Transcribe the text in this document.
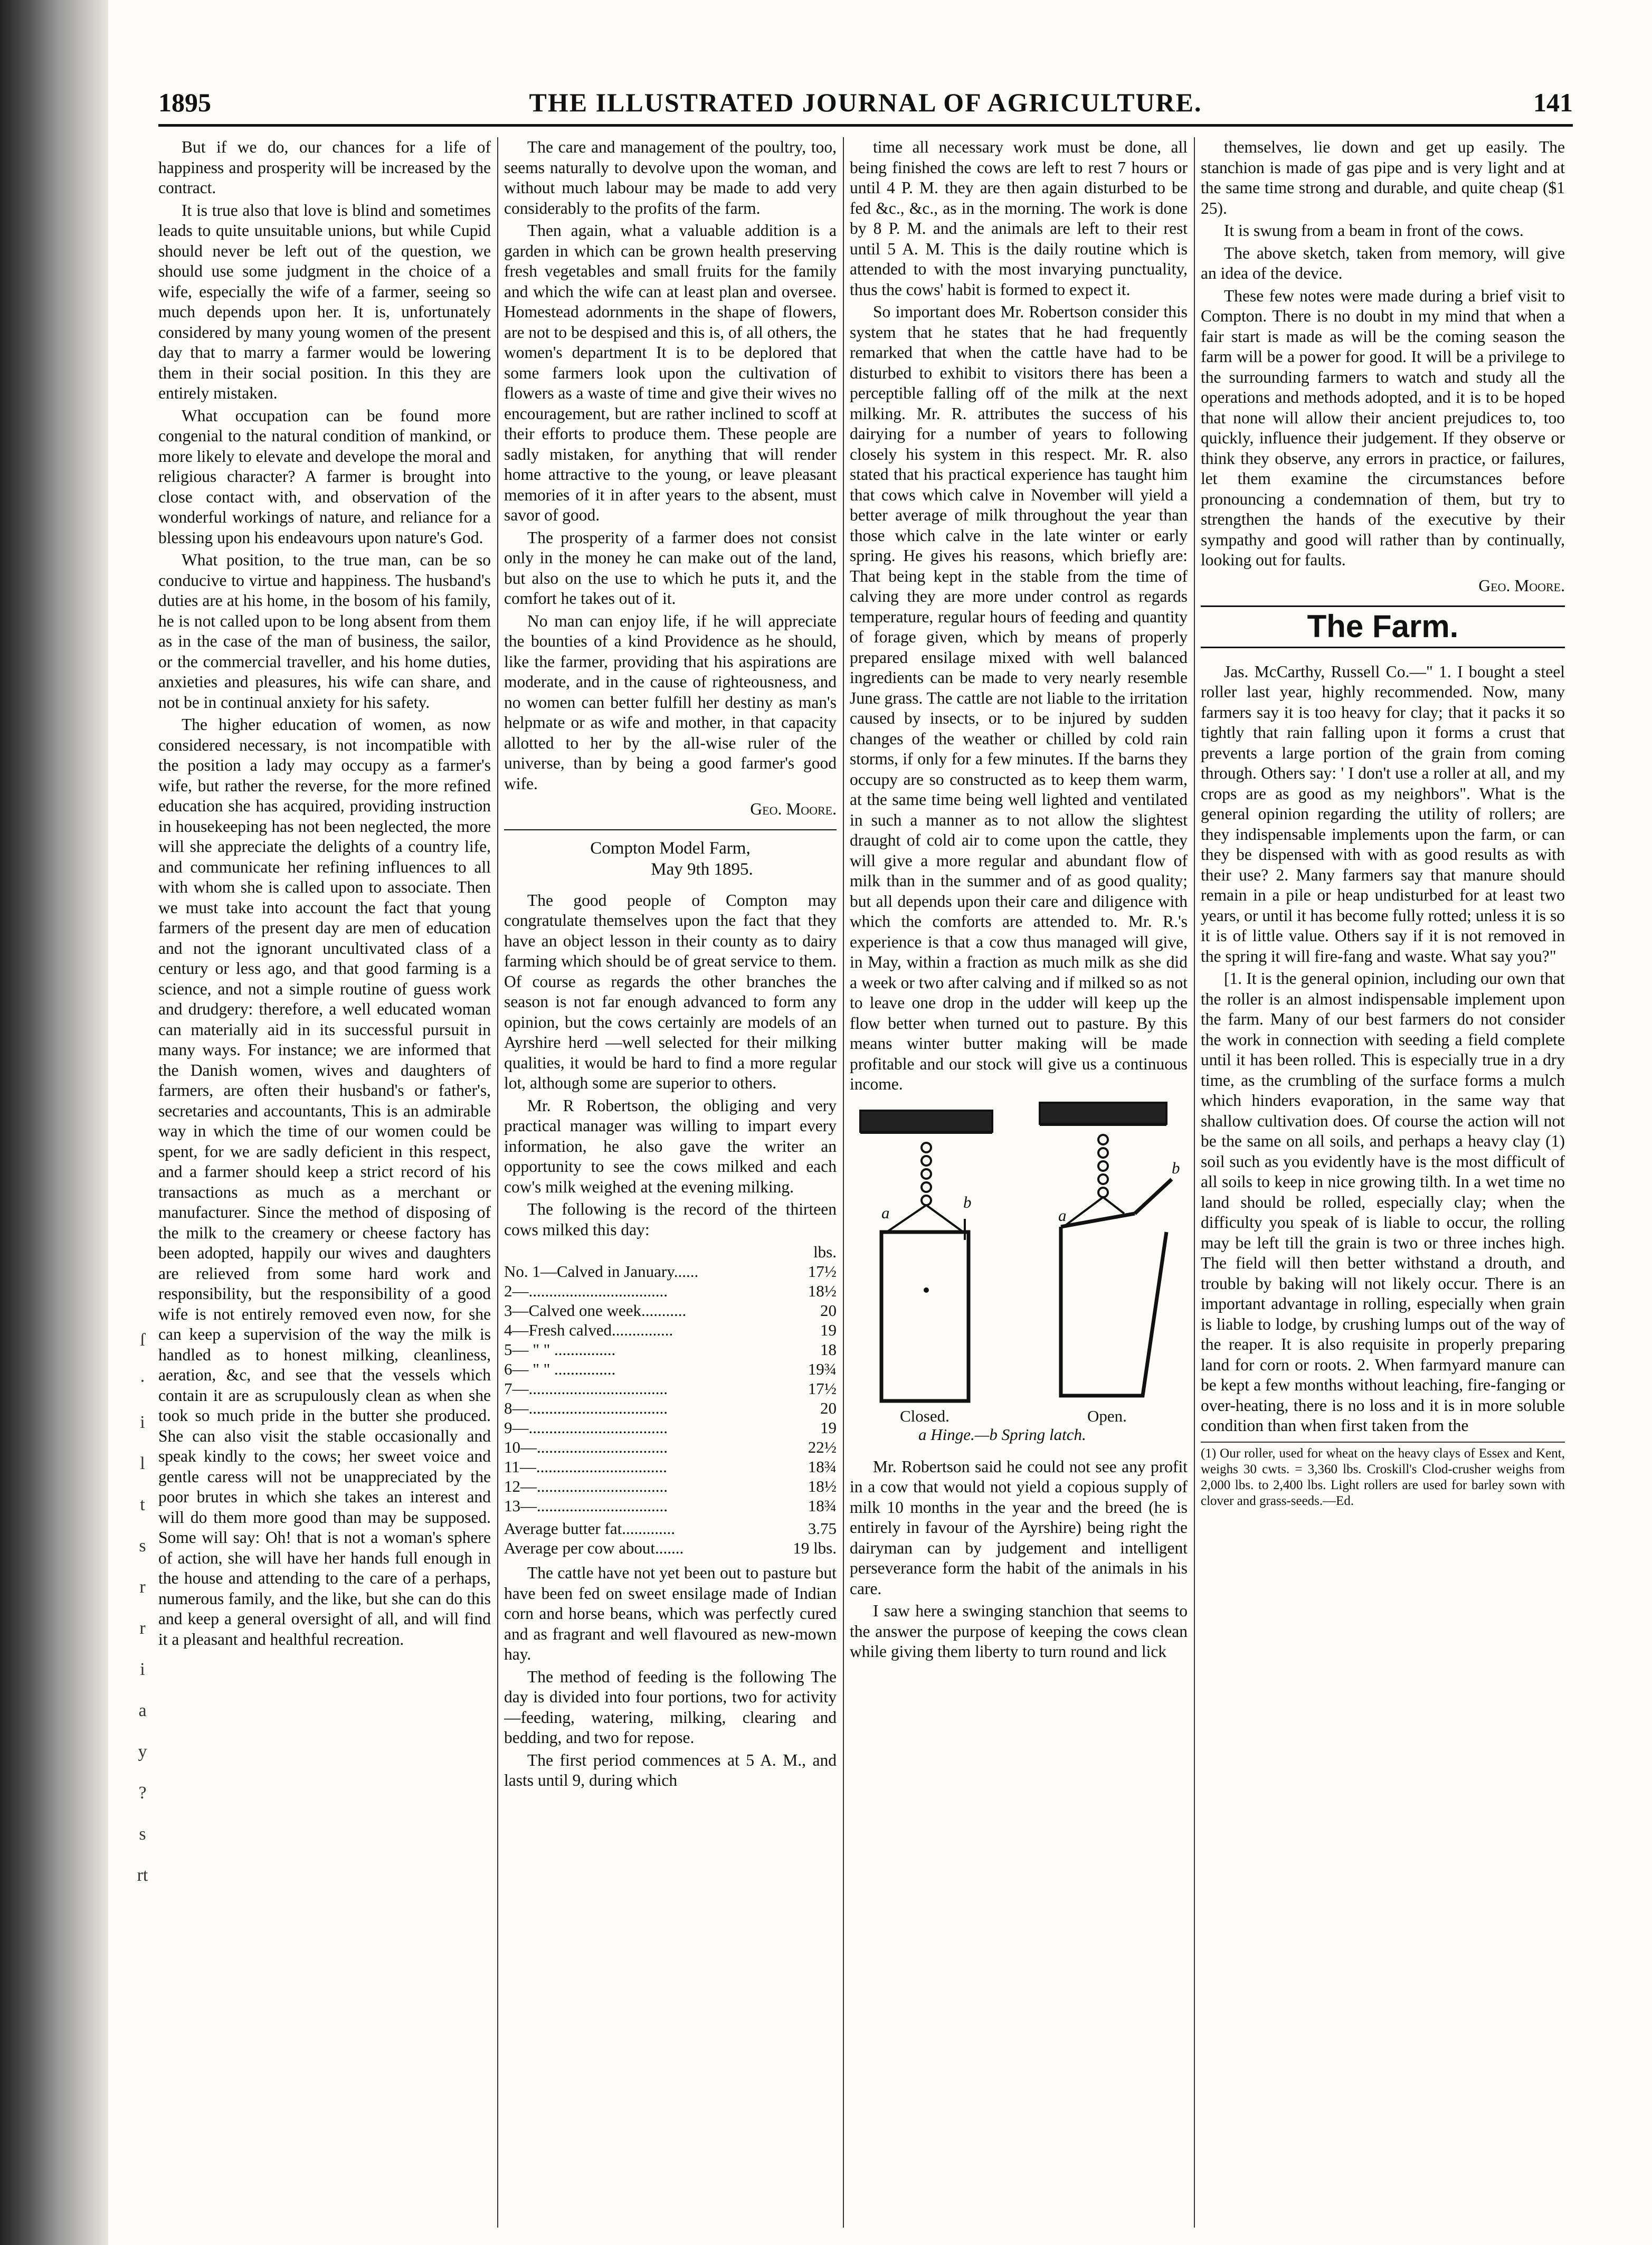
ſ
·
i
l
t
s
r
r
i
a
y
?
s
rt
1895	THE ILLUSTRATED JOURNAL OF AGRICULTURE.	141

But if we do, our chances for a life of happiness and prosperity will be increased by the contract.

It is true also that love is blind and sometimes leads to quite unsuitable unions, but while Cupid should never be left out of the question, we should use some judgment in the choice of a wife, especially the wife of a farmer, seeing so much depends upon her. It is, unfortunately considered by many young women of the present day that to marry a farmer would be lowering them in their social position. In this they are entirely mistaken.

What occupation can be found more congenial to the natural condition of mankind, or more likely to elevate and develope the moral and religious character? A farmer is brought into close contact with, and observation of the wonderful workings of nature, and reliance for a blessing upon his endeavours upon nature's God.

What position, to the true man, can be so conducive to virtue and happiness. The husband's duties are at his home, in the bosom of his family, he is not called upon to be long absent from them as in the case of the man of business, the sailor, or the commercial traveller, and his home duties, anxieties and pleasures, his wife can share, and not be in continual anxiety for his safety.

The higher education of women, as now considered necessary, is not incompatible with the position a lady may occupy as a farmer's wife, but rather the reverse, for the more refined education she has acquired, providing instruction in housekeeping has not been neglected, the more will she appreciate the delights of a country life, and communicate her refining influences to all with whom she is called upon to associate. Then we must take into account the fact that young farmers of the present day are men of education and not the ignorant uncultivated class of a century or less ago, and that good farming is a science, and not a simple routine of guess work and drudgery: therefore, a well educated woman can materially aid in its successful pursuit in many ways. For instance; we are informed that the Danish women, wives and daughters of farmers, are often their husband's or father's, secretaries and accountants, This is an admirable way in which the time of our women could be spent, for we are sadly deficient in this respect, and a farmer should keep a strict record of his transactions as much as a merchant or manufacturer. Since the method of disposing of the milk to the creamery or cheese factory has been adopted, happily our wives and daughters are relieved from some hard work and responsibility, but the responsibility of a good wife is not entirely removed even now, for she can keep a supervision of the way the milk is handled as to honest milking, cleanliness, aeration, &c, and see that the vessels which contain it are as scrupulously clean as when she took so much pride in the butter she produced. She can also visit the stable occasionally and speak kindly to the cows; her sweet voice and gentle caress will not be unappreciated by the poor brutes in which she takes an interest and will do them more good than may be supposed. Some will say: Oh! that is not a woman's sphere of action, she will have her hands full enough in the house and attending to the care of a perhaps, numerous family, and the like, but she can do this and keep a general oversight of all, and will find it a pleasant and healthful recreation.

The care and management of the poultry, too, seems naturally to devolve upon the woman, and without much labour may be made to add very considerably to the profits of the farm.

Then again, what a valuable addition is a garden in which can be grown health preserving fresh vegetables and small fruits for the family and which the wife can at least plan and oversee. Homestead adornments in the shape of flowers, are not to be despised and this is, of all others, the women's department It is to be deplored that some farmers look upon the cultivation of flowers as a waste of time and give their wives no encouragement, but are rather inclined to scoff at their efforts to produce them. These people are sadly mistaken, for anything that will render home attractive to the young, or leave pleasant memories of it in after years to the absent, must savor of good.

The prosperity of a farmer does not consist only in the money he can make out of the land, but also on the use to which he puts it, and the comfort he takes out of it.

No man can enjoy life, if he will appreciate the bounties of a kind Providence as he should, like the farmer, providing that his aspirations are moderate, and in the cause of righteousness, and no women can better fulfill her destiny as man's helpmate or as wife and mother, in that capacity allotted to her by the all-wise ruler of the universe, than by being a good farmer's good wife.

Geo. Moore.
Compton Model Farm,
May 9th 1895.

The good people of Compton may congratulate themselves upon the fact that they have an object lesson in their county as to dairy farming which should be of great service to them. Of course as regards the other branches the season is not far enough advanced to form any opinion, but the cows certainly are models of an Ayrshire herd —well selected for their milking qualities, it would be hard to find a more regular lot, although some are superior to others.

Mr. R Robertson, the obliging and very practical manager was willing to impart every information, he also gave the writer an opportunity to see the cows milked and each cow's milk weighed at the evening milking.

The following is the record of the thirteen cows milked this day:

	lbs.
No. 1—Calved in January......	17½
2—..................................	18½
3—Calved one week...........	20
4—Fresh calved...............	19
5— " " ...............	18
6— " " ...............	19¾
7—..................................	17½
8—..................................	20
9—..................................	19
10—................................	22½
11—................................	18¾
12—................................	18½
13—................................	18¾
Average butter fat.............	3.75
Average per cow about.......	19 lbs.

The cattle have not yet been out to pasture but have been fed on sweet ensilage made of Indian corn and horse beans, which was perfectly cured and as fragrant and well flavoured as new-mown hay.

The method of feeding is the following The day is divided into four portions, two for activity—feeding, watering, milking, clearing and bedding, and two for repose.

The first period commences at 5 A. M., and lasts until 9, during which

time all necessary work must be done, all being finished the cows are left to rest 7 hours or until 4 P. M. they are then again disturbed to be fed &c., &c., as in the morning. The work is done by 8 P. M. and the animals are left to their rest until 5 A. M. This is the daily routine which is attended to with the most invarying punctuality, thus the cows' habit is formed to expect it.

So important does Mr. Robertson consider this system that he states that he had frequently remarked that when the cattle have had to be disturbed to exhibit to visitors there has been a perceptible falling off of the milk at the next milking. Mr. R. attributes the success of his dairying for a number of years to following closely his system in this respect. Mr. R. also stated that his practical experience has taught him that cows which calve in November will yield a better average of milk throughout the year than those which calve in the late winter or early spring. He gives his reasons, which briefly are: That being kept in the stable from the time of calving they are more under control as regards temperature, regular hours of feeding and quantity of forage given, which by means of properly prepared ensilage mixed with well balanced ingredients can be made to very nearly resemble June grass. The cattle are not liable to the irritation caused by insects, or to be injured by sudden changes of the weather or chilled by cold rain storms, if only for a few minutes. If the barns they occupy are so constructed as to keep them warm, at the same time being well lighted and ventilated in such a manner as to not allow the slightest draught of cold air to come upon the cattle, they will give a more regular and abundant flow of milk than in the summer and of as good quality; but all depends upon their care and diligence with which the comforts are attended to. Mr. R.'s experience is that a cow thus managed will give, in May, within a fraction as much milk as she did a week or two after calving and if milked so as not to leave one drop in the udder will keep up the flow better when turned out to pasture. By this means winter butter making will be made profitable and our stock will give us a continuous income.

a
b
a
b
Closed.	Open.
a Hinge.—b Spring latch.

Mr. Robertson said he could not see any profit in a cow that would not yield a copious supply of milk 10 months in the year and the breed (he is entirely in favour of the Ayrshire) being right the dairyman can by judgement and intelligent perseverance form the habit of the animals in his care.

I saw here a swinging stanchion that seems to the answer the purpose of keeping the cows clean while giving them liberty to turn round and lick

themselves, lie down and get up easily. The stanchion is made of gas pipe and is very light and at the same time strong and durable, and quite cheap ($1 25).

It is swung from a beam in front of the cows.

The above sketch, taken from memory, will give an idea of the device.

These few notes were made during a brief visit to Compton. There is no doubt in my mind that when a fair start is made as will be the coming season the farm will be a power for good. It will be a privilege to the surrounding farmers to watch and study all the operations and methods adopted, and it is to be hoped that none will allow their ancient prejudices to, too quickly, influence their judgement. If they observe or think they observe, any errors in practice, or failures, let them examine the circumstances before pronouncing a condemnation of them, but try to strengthen the hands of the executive by their sympathy and good will rather than by continually, looking out for faults.

Geo. Moore.
The Farm.

Jas. McCarthy, Russell Co.—" 1. I bought a steel roller last year, highly recommended. Now, many farmers say it is too heavy for clay; that it packs it so tightly that rain falling upon it forms a crust that prevents a large portion of the grain from coming through. Others say: ' I don't use a roller at all, and my crops are as good as my neighbors". What is the general opinion regarding the utility of rollers; are they indispensable implements upon the farm, or can they be dispensed with with as good results as with their use? 2. Many farmers say that manure should remain in a pile or heap undisturbed for at least two years, or until it has become fully rotted; unless it is so it is of little value. Others say if it is not removed in the spring it will fire-fang and waste. What say you?"

[1. It is the general opinion, including our own that the roller is an almost indispensable implement upon the farm. Many of our best farmers do not consider the work in connection with seeding a field complete until it has been rolled. This is especially true in a dry time, as the crumbling of the surface forms a mulch which hinders evaporation, in the same way that shallow cultivation does. Of course the action will not be the same on all soils, and perhaps a heavy clay (1) soil such as you evidently have is the most difficult of all soils to keep in nice growing tilth. In a wet time no land should be rolled, especially clay; when the difficulty you speak of is liable to occur, the rolling may be left till the grain is two or three inches high. The field will then better withstand a drouth, and trouble by baking will not likely occur. There is an important advantage in rolling, especially when grain is liable to lodge, by crushing lumps out of the way of the reaper. It is also requisite in properly preparing land for corn or roots. 2. When farmyard manure can be kept a few months without leaching, fire-fanging or over-heating, there is no loss and it is in more soluble condition than when first taken from the

(1) Our roller, used for wheat on the heavy clays of Essex and Kent, weighs 30 cwts. = 3,360 lbs. Croskill's Clod-crusher weighs from 2,000 lbs. to 2,400 lbs. Light rollers are used for barley sown with clover and grass-seeds.—Ed.
